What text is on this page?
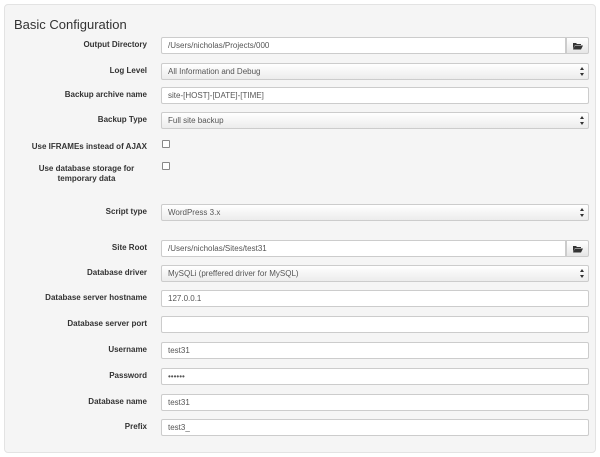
Basic Configuration
Output Directory	/Users/nicholas/Projects/000
Log Level	All Information and Debug
Backup archive name	site-[HOST]-[DATE]-[TIME]
Backup Type	Full site backup
Use IFRAMEs instead of AJAX
Use database storage for temporary data
Script type	WordPress 3.x
Site Root	/Users/nicholas/Sites/test31
Database driver	MySQLi (preffered driver for MySQL)
Database server hostname	127.0.0.1
Database server port
Username	test31
Password	••••••
Database name	test31
Prefix	test3_
